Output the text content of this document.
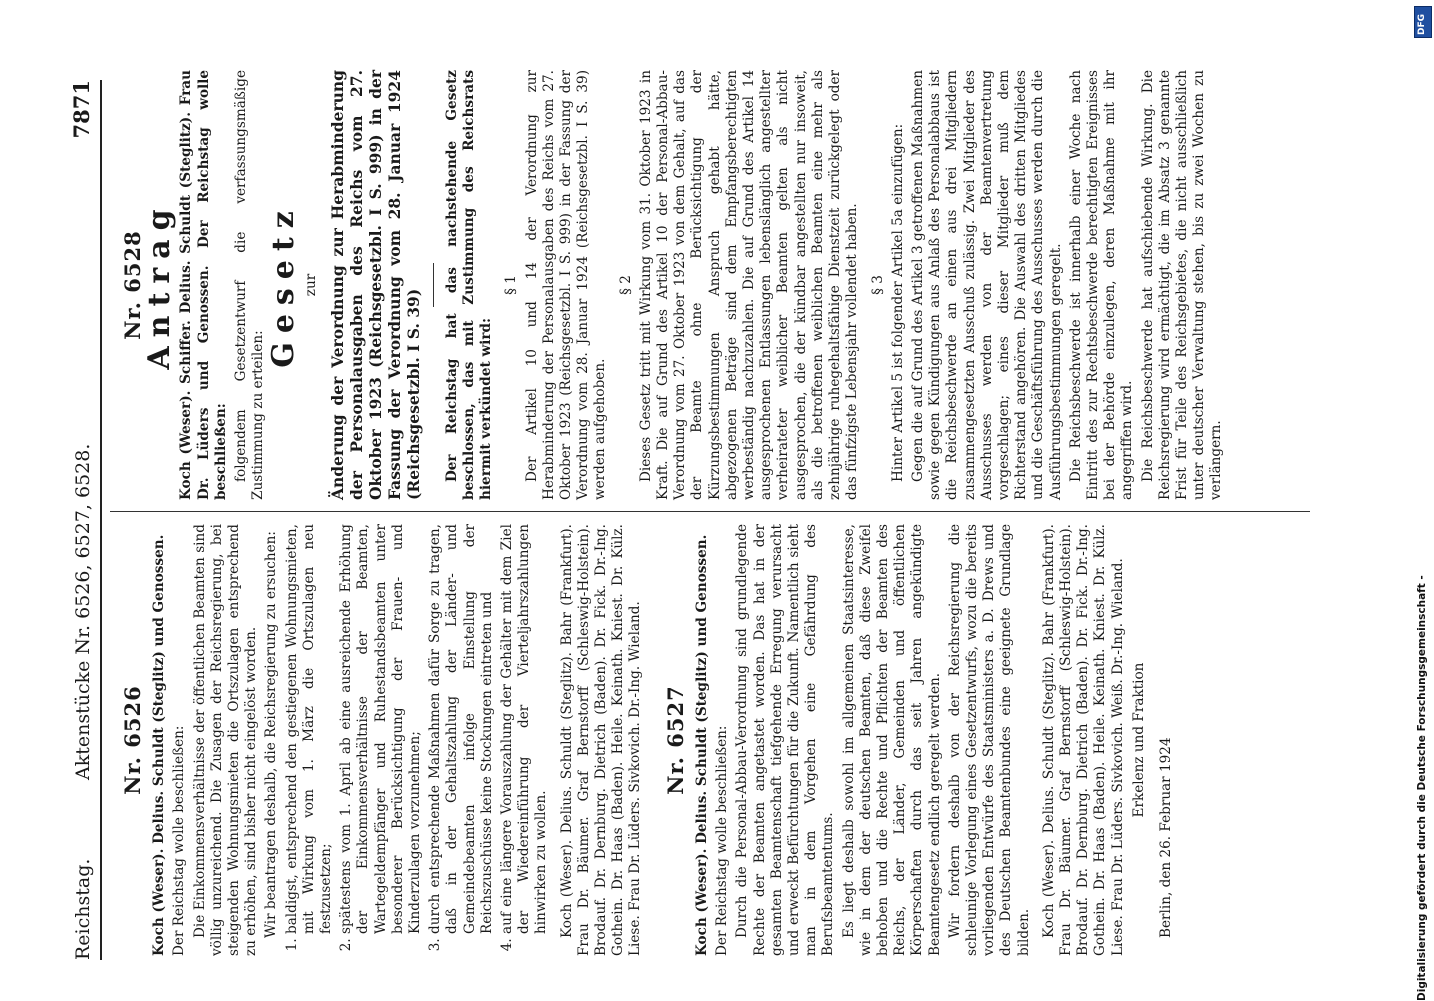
Reichstag.
Aktenstücke Nr. 6526, 6527, 6528.
7871
Nr. 6526 Koch (Weser). Delius. Schuldt (Steglitz) und Genossen. Der Reichstag wolle beschließen: Die Einkommensverhältnisse der öffentlichen Beamten sind völlig unzureichend. Die Zusagen der Reichsregierung, bei steigenden Wohnungsmieten die Ortszulagen entsprechend zu erhöhen, sind bisher nicht eingelöst worden. Wir beantragen deshalb, die Reichsregierung zu ersuchen: 1. baldigst, entsprechend den gestiegenen Wohnungsmieten, mit Wirkung vom 1. März die Ortszulagen neu festzusetzen; 2. spätestens vom 1. April ab eine ausreichende Erhöhung der Einkommensverhältnisse der Beamten, Wartegeldempfänger und Ruhestandsbeamten unter besonderer Berücksichtigung der Frauen- und Kinderzulagen vorzunehmen; 3. durch entsprechende Maßnahmen dafür Sorge zu tragen, daß in der Gehaltszahlung der Länder- und Gemeindebeamten infolge Einstellung der Reichszuschüsse keine Stockungen eintreten und 4. auf eine längere Vorauszahlung der Gehälter mit dem Ziel der Wiedereinführung der Vierteljahrszahlungen hinwirken zu wollen. Koch (Weser). Delius. Schuldt (Steglitz). Bahr (Frankfurt). Frau Dr. Bäumer. Graf Bernstorff (Schleswig-Holstein). Brodauf. Dr. Dernburg. Dietrich (Baden). Dr. Fick. Dr.-Ing. Gothein. Dr. Haas (Baden). Heile. Keinath. Kniest. Dr. Külz. Liese. Frau Dr. Lüders. Sivkovich. Dr.-Ing. Wieland. Nr. 6527 Koch (Weser). Delius. Schuldt (Steglitz) und Genossen. Der Reichstag wolle beschließen: Durch die Personal-Abbau-Verordnung sind grundlegende Rechte der Beamten angetastet worden. Das hat in der gesamten Beamtenschaft tiefgehende Erregung verursacht und erweckt Befürchtungen für die Zukunft. Namentlich sieht man in dem Vorgehen eine Gefährdung des Berufsbeamtentums. Es liegt deshalb sowohl im allgemeinen Staatsinteresse, wie in dem der deutschen Beamten, daß diese Zweifel behoben und die Rechte und Pflichten der Beamten des Reichs, der Länder, Gemeinden und öffentlichen Körperschaften durch das seit Jahren angekündigte Beamtengesetz endlich geregelt werden. Wir fordern deshalb von der Reichsregierung die schleunige Vorlegung eines Gesetzentwurfs, wozu die bereits vorliegenden Entwürfe des Staatsministers a. D. Drews und des Deutschen Beamtenbundes eine geeignete Grundlage bilden. Koch (Weser). Delius. Schuldt (Steglitz). Bahr (Frankfurt). Frau Dr. Bäumer. Graf Bernstorff (Schleswig-Holstein). Brodauf. Dr. Dernburg. Dietrich (Baden). Dr. Fick. Dr.-Ing. Gothein. Dr. Haas (Baden). Heile. Keinath. Kniest. Dr. Külz. Liese. Frau Dr. Lüders. Sivkovich. Weiß. Dr.-Ing. Wieland. Erkelenz und Fraktion Berlin, den 26. Februar 1924

Nr. 6528
Antrag Koch (Weser). Schiffer. Delius. Schuldt (Steglitz). Frau Dr. Lüders und Genossen. Der Reichstag wolle beschließen: folgendem Gesetzentwurf die verfassungsmäßige Zustimmung zu erteilen:

Gesetz zur Änderung der Verordnung zur Herabminderung der Personalausgaben des Reichs vom 27. Oktober 1923 (Reichsgesetzbl. I S. 999) in der Fassung der Verordnung vom 28. Januar 1924 (Reichsgesetzbl. I S. 39) Der Reichstag hat das nachstehende Gesetz beschlossen, das mit Zustimmung des Reichsrats hiermit verkündet wird:

§ 1 Der Artikel 10 und 14 der Verordnung zur Herabminderung der Personalausgaben des Reichs vom 27. Oktober 1923 (Reichsgesetzbl. I S. 999) in der Fassung der Verordnung vom 28. Januar 1924 (Reichsgesetzbl. I S. 39) werden aufgehoben.

§ 2 Dieses Gesetz tritt mit Wirkung vom 31. Oktober 1923 in Kraft. Die auf Grund des Artikel 10 der Personal-Abbau-Verordnung vom 27. Oktober 1923 von dem Gehalt, auf das der Beamte ohne Berücksichtigung der Kürzungsbestimmungen Anspruch gehabt hätte, abgezogenen Beträge sind dem Empfangsberechtigten werbeständig nachzuzahlen. Die auf Grund des Artikel 14 ausgesprochenen Entlassungen lebenslänglich angestellter verheirateter weiblicher Beamten gelten als nicht ausgesprochen, die der kündbar angestellten nur insoweit, als die betroffenen weiblichen Beamten eine mehr als zehnjährige ruhegehaltsfähige Dienstzeit zurückgelegt oder das fünfzigste Lebensjahr vollendet haben. § 3 Hinter Artikel 5 ist folgender Artikel 5a einzufügen: Gegen die auf Grund des Artikel 3 getroffenen Maßnahmen sowie gegen Kündigungen aus Anlaß des Personalabbaus ist die Reichsbeschwerde an einen aus drei Mitgliedern zusammengesetzten Ausschuß zulässig. Zwei Mitglieder des Ausschusses werden von der Beamtenvertretung vorgeschlagen; eines dieser Mitglieder muß dem Richterstand angehören. Die Auswahl des dritten Mitgliedes und die Geschäftsführung des Ausschusses werden durch die Ausführungsbestimmungen geregelt. Die Reichsbeschwerde ist innerhalb einer Woche nach Eintritt des zur Rechtsbeschwerde berechtigten Ereignisses bei der Behörde einzulegen, deren Maßnahme mit ihr angegriffen wird. Die Reichsbeschwerde hat aufschiebende Wirkung. Die Reichsregierung wird ermächtigt, die im Absatz 3 genannte Frist für Teile des Reichsgebietes, die nicht ausschließlich unter deutscher Verwaltung stehen, bis zu zwei Wochen zu verlängern.

DFG
Digitalisierung gefördert durch die Deutsche Forschungsgemeinschaft -
